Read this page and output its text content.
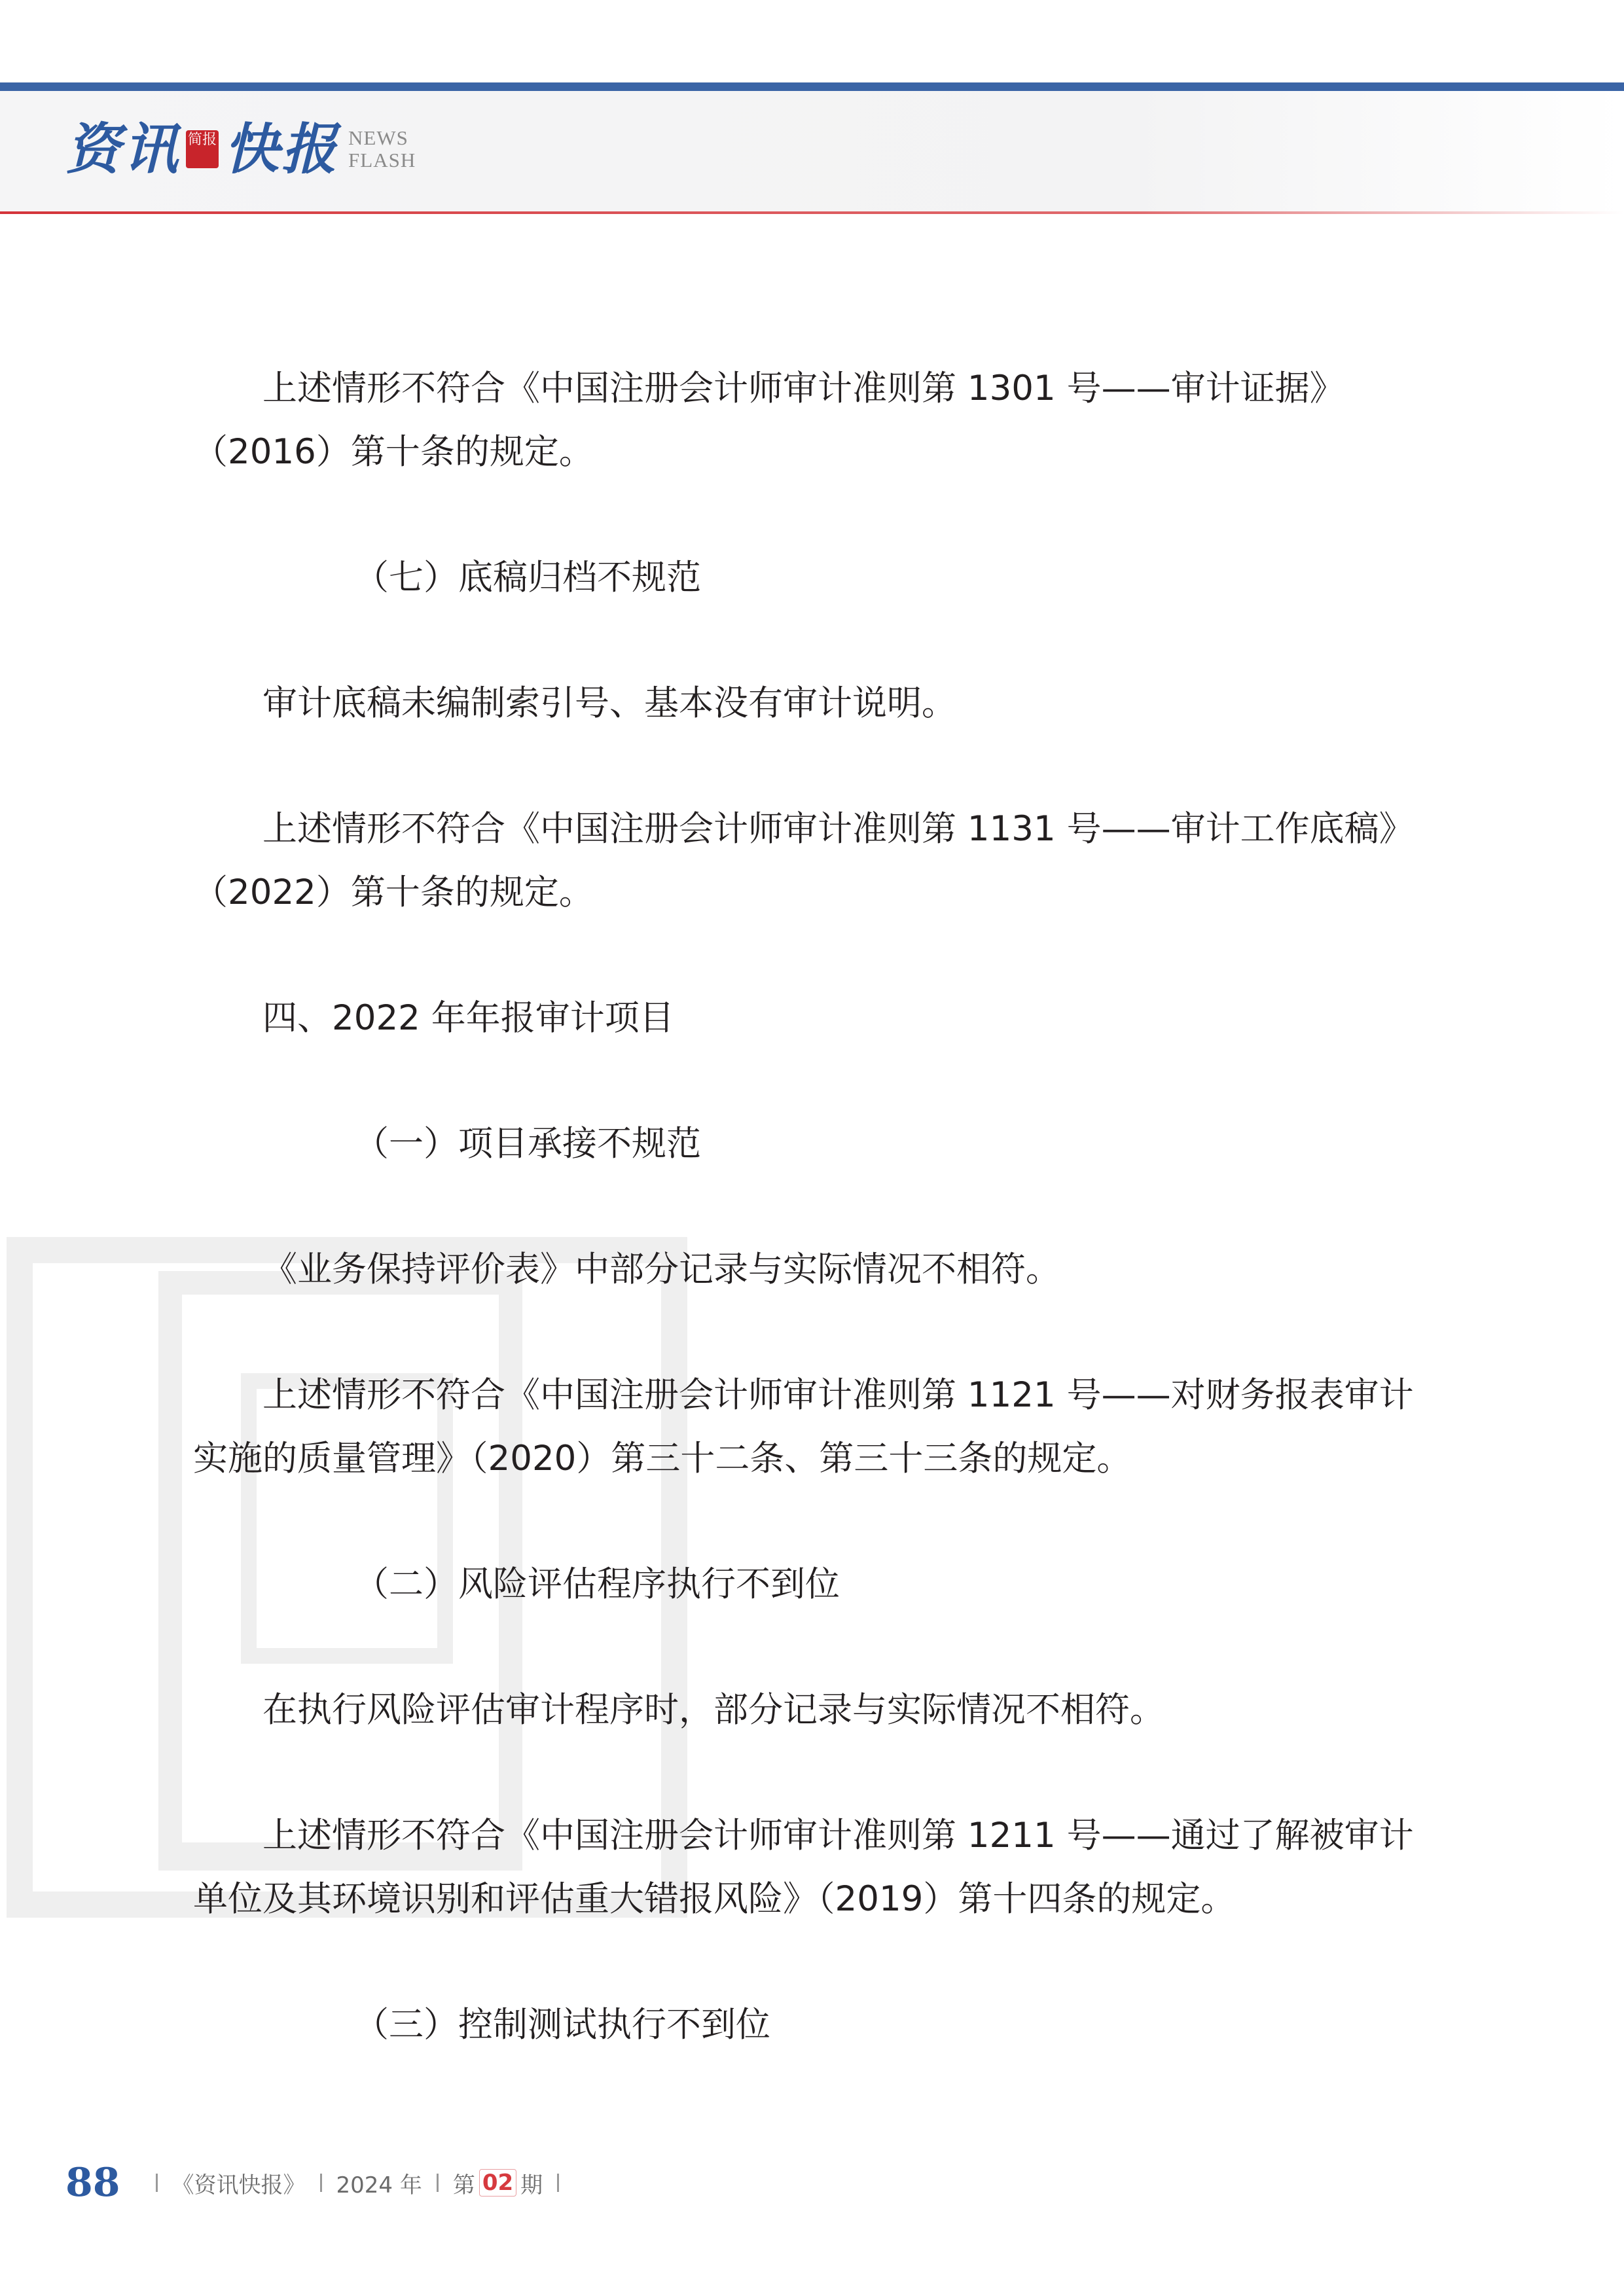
资讯 简报 快报 NEWS
FLASH

上述情形不符合《中国注册会计师审计准则第 1301 号——审计证据》（2016）第十条的规定。

（七）底稿归档不规范

审计底稿未编制索引号、基本没有审计说明。

上述情形不符合《中国注册会计师审计准则第 1131 号——审计工作底稿》（2022）第十条的规定。

四、2022 年年报审计项目

（一）项目承接不规范

《业务保持评价表》中部分记录与实际情况不相符。

上述情形不符合《中国注册会计师审计准则第 1121 号——对财务报表审计实施的质量管理》（2020）第三十二条、第三十三条的规定。

（二）风险评估程序执行不到位

在执行风险评估审计程序时，部分记录与实际情况不相符。

上述情形不符合《中国注册会计师审计准则第 1211 号——通过了解被审计单位及其环境识别和评估重大错报风险》（2019）第十四条的规定。

（三）控制测试执行不到位

88 《资讯快报》 2024 年 第 02 期
